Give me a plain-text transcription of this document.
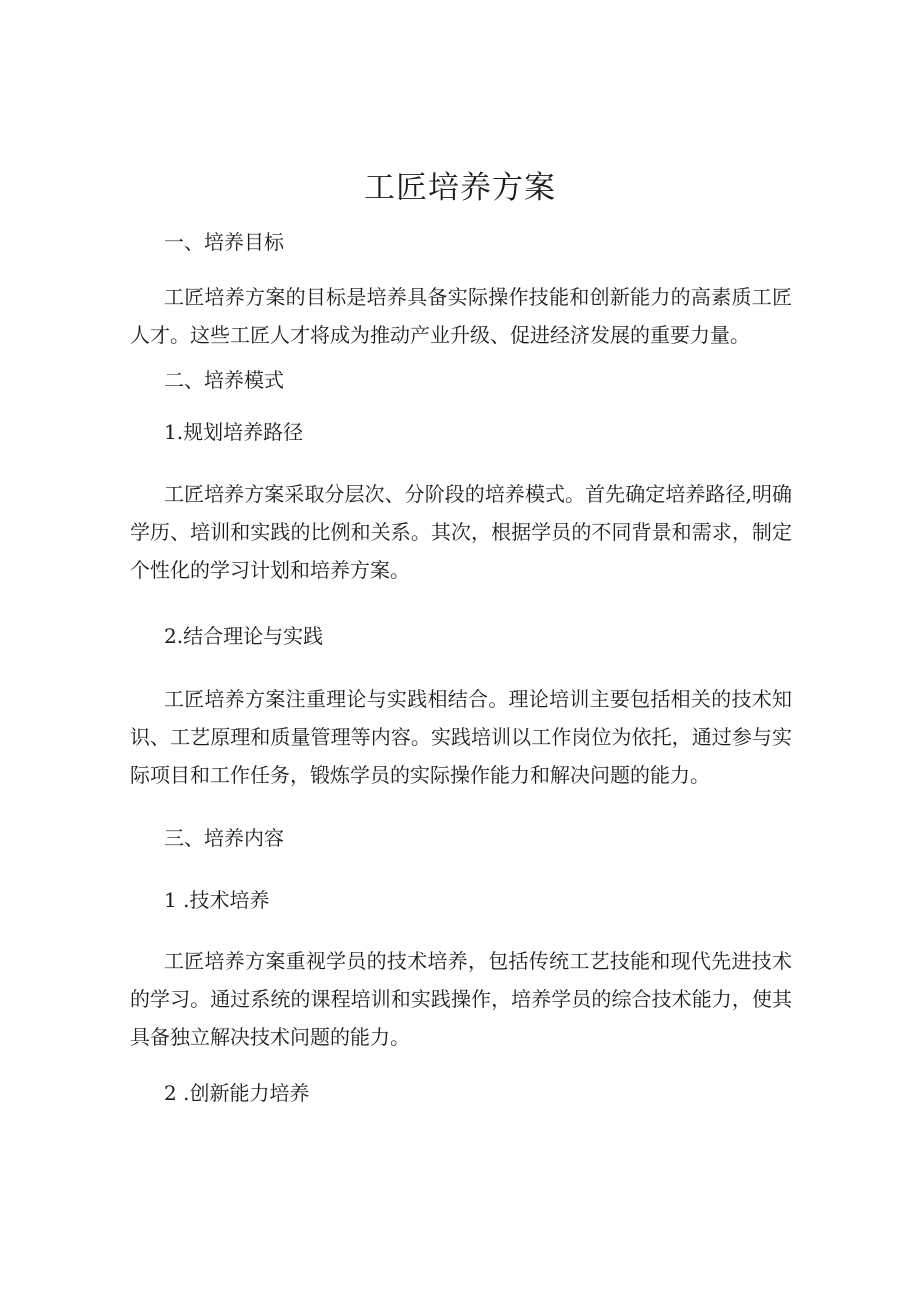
工匠培养方案
一、培养目标
工匠培养方案的目标是培养具备实际操作技能和创新能力的高素质工匠人才。这些工匠人才将成为推动产业升级、促进经济发展的重要力量。
二、培养模式
1.规划培养路径
工匠培养方案采取分层次、分阶段的培养模式。首先确定培养路径,明确学历、培训和实践的比例和关系。其次，根据学员的不同背景和需求，制定个性化的学习计划和培养方案。
2.结合理论与实践
工匠培养方案注重理论与实践相结合。理论培训主要包括相关的技术知识、工艺原理和质量管理等内容。实践培训以工作岗位为依托，通过参与实际项目和工作任务，锻炼学员的实际操作能力和解决问题的能力。
三、培养内容
1 .技术培养
工匠培养方案重视学员的技术培养，包括传统工艺技能和现代先进技术的学习。通过系统的课程培训和实践操作，培养学员的综合技术能力，使其具备独立解决技术问题的能力。
2 .创新能力培养
